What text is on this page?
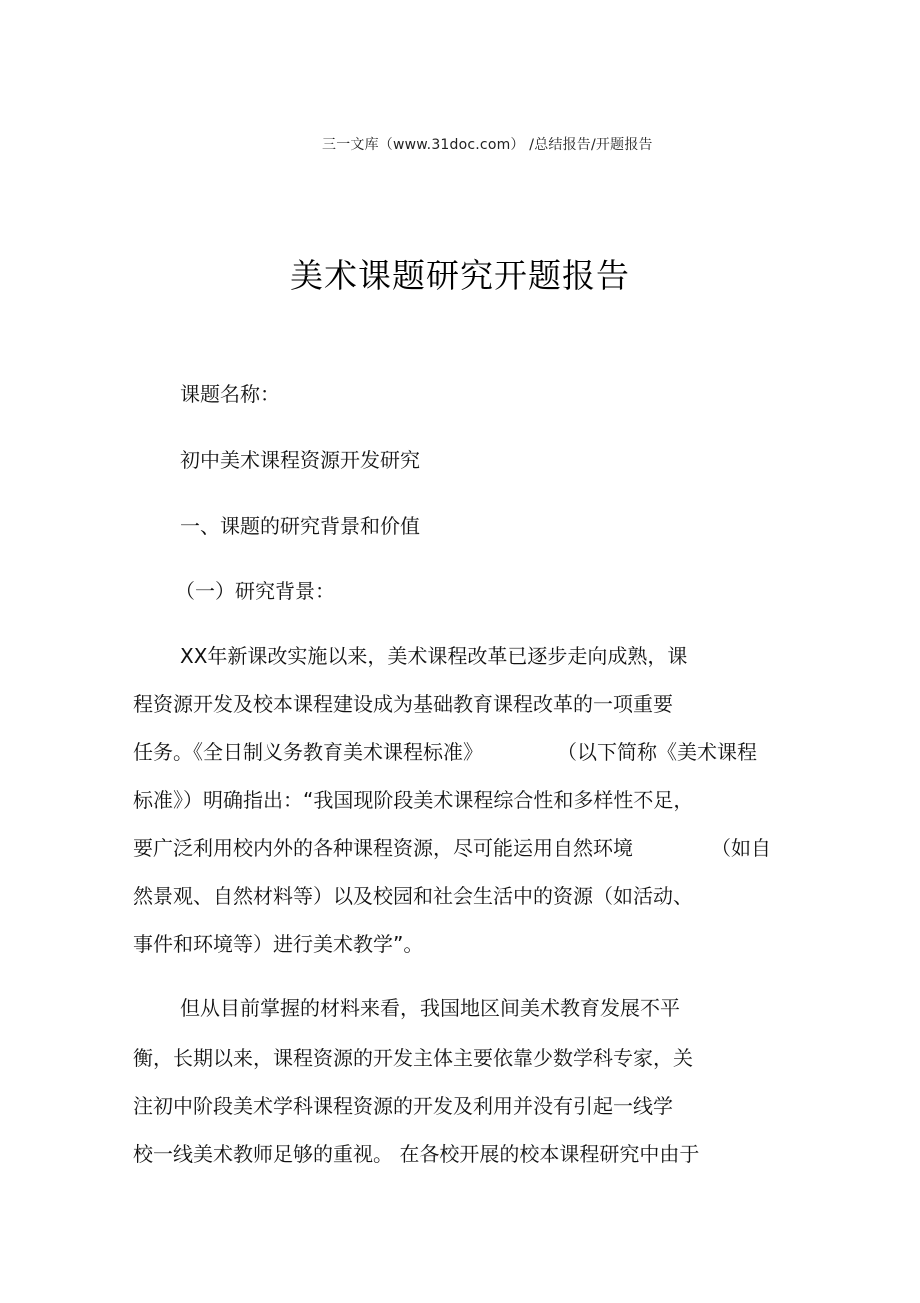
三一文库（www.31doc.com） /总结报告/开题报告
美术课题研究开题报告

课题名称：

初中美术课程资源开发研究

一、课题的研究背景和价值

（一）研究背景：

XX年新课改实施以来，美术课程改革已逐步走向成熟，课

程资源开发及校本课程建设成为基础教育课程改革的一项重要

任务。《全日制义务教育美术课程标准》	（以下简称《美术课程

标准》）明确指出：“我国现阶段美术课程综合性和多样性不足，

要广泛利用校内外的各种课程资源，尽可能运用自然环境	（如自

然景观、自然材料等）以及校园和社会生活中的资源（如活动、

事件和环境等）进行美术教学”。

但从目前掌握的材料来看，我国地区间美术教育发展不平

衡，长期以来，课程资源的开发主体主要依靠少数学科专家，关

注初中阶段美术学科课程资源的开发及利用并没有引起一线学

校一线美术教师足够的重视。 在各校开展的校本课程研究中由于
